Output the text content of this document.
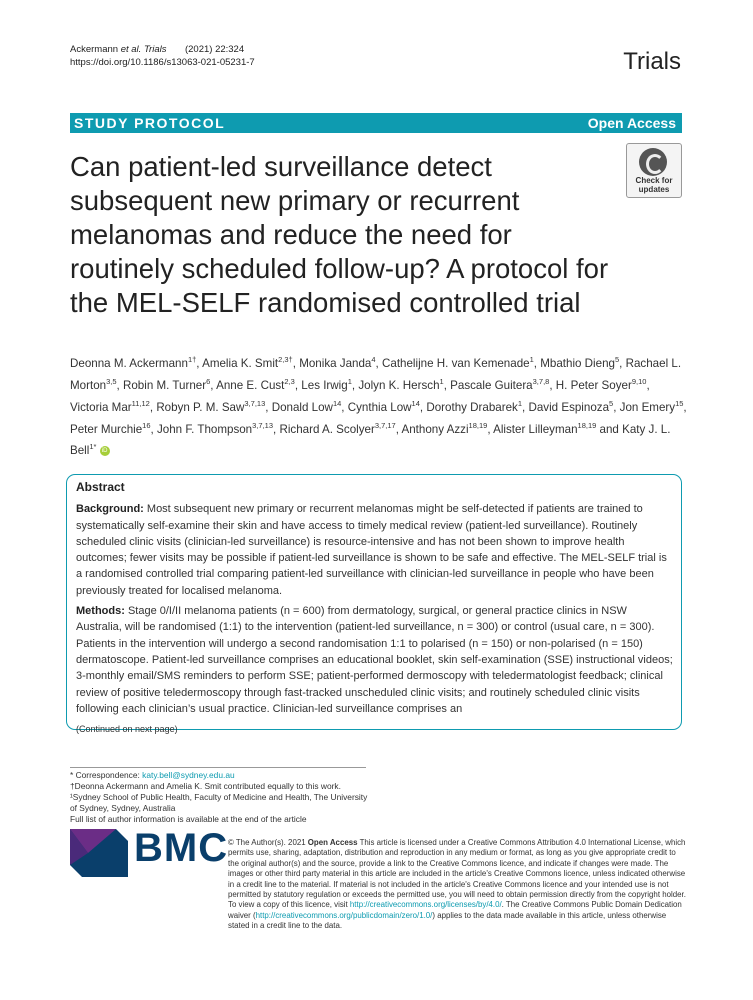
Ackermann et al. Trials (2021) 22:324
https://doi.org/10.1186/s13063-021-05231-7	Trials
STUDY PROTOCOL	Open Access
Can patient-led surveillance detect subsequent new primary or recurrent melanomas and reduce the need for routinely scheduled follow-up? A protocol for the MEL-SELF randomised controlled trial
Check for
updates
Deonna M. Ackermann$^{1\dagger}$, Amelia K. Smit$^{2,3\dagger}$, Monika Janda$^4$, Cathelijne H. van Kemenade$^1$, Mbathio Dieng$^5$, Rachael L. Morton$^{3,5}$, Robin M. Turner$^6$, Anne E. Cust$^{2,3}$, Les Irwig$^1$, Jolyn K. Hersch$^1$, Pascale Guitera$^{3,7,8}$, H. Peter Soyer$^{9,10}$, Victoria Mar$^{11,12}$, Robyn P. M. Saw$^{3,7,13}$, Donald Low$^{14}$, Cynthia Low$^{14}$, Dorothy Drabarek$^1$, David Espinoza$^5$, Jon Emery$^{15}$, Peter Murchie$^{16}$, John F. Thompson$^{3,7,13}$, Richard A. Scolyer$^{3,7,17}$, Anthony Azzi$^{18,19}$, Alister Lilleyman$^{18,19}$ and Katy J. L. Bell$^{1*}$ iD
Abstract

Background: Most subsequent new primary or recurrent melanomas might be self-detected if patients are trained to systematically self-examine their skin and have access to timely medical review (patient-led surveillance). Routinely scheduled clinic visits (clinician-led surveillance) is resource-intensive and has not been shown to improve health outcomes; fewer visits may be possible if patient-led surveillance is shown to be safe and effective. The MEL-SELF trial is a randomised controlled trial comparing patient-led surveillance with clinician-led surveillance in people who have been previously treated for localised melanoma.

Methods: Stage 0/I/II melanoma patients (n = 600) from dermatology, surgical, or general practice clinics in NSW Australia, will be randomised (1:1) to the intervention (patient-led surveillance, n = 300) or control (usual care, n = 300). Patients in the intervention will undergo a second randomisation 1:1 to polarised (n = 150) or non-polarised (n = 150) dermatoscope. Patient-led surveillance comprises an educational booklet, skin self-examination (SSE) instructional videos; 3-monthly email/SMS reminders to perform SSE; patient-performed dermoscopy with teledermatologist feedback; clinical review of positive teledermoscopy through fast-tracked unscheduled clinic visits; and routinely scheduled clinic visits following each clinician’s usual practice. Clinician-led surveillance comprises an

(Continued on next page)
* Correspondence: katy.bell@sydney.edu.au
†Deonna Ackermann and Amelia K. Smit contributed equally to this work.
¹Sydney School of Public Health, Faculty of Medicine and Health, The University of Sydney, Sydney, Australia
Full list of author information is available at the end of the article
BMC © The Author(s). 2021 Open Access This article is licensed under a Creative Commons Attribution 4.0 International License, which permits use, sharing, adaptation, distribution and reproduction in any medium or format, as long as you give appropriate credit to the original author(s) and the source, provide a link to the Creative Commons licence, and indicate if changes were made. The images or other third party material in this article are included in the article's Creative Commons licence, unless indicated otherwise in a credit line to the material. If material is not included in the article's Creative Commons licence and your intended use is not permitted by statutory regulation or exceeds the permitted use, you will need to obtain permission directly from the copyright holder. To view a copy of this licence, visit http://creativecommons.org/licenses/by/4.0/. The Creative Commons Public Domain Dedication waiver (http://creativecommons.org/publicdomain/zero/1.0/) applies to the data made available in this article, unless otherwise stated in a credit line to the data.
